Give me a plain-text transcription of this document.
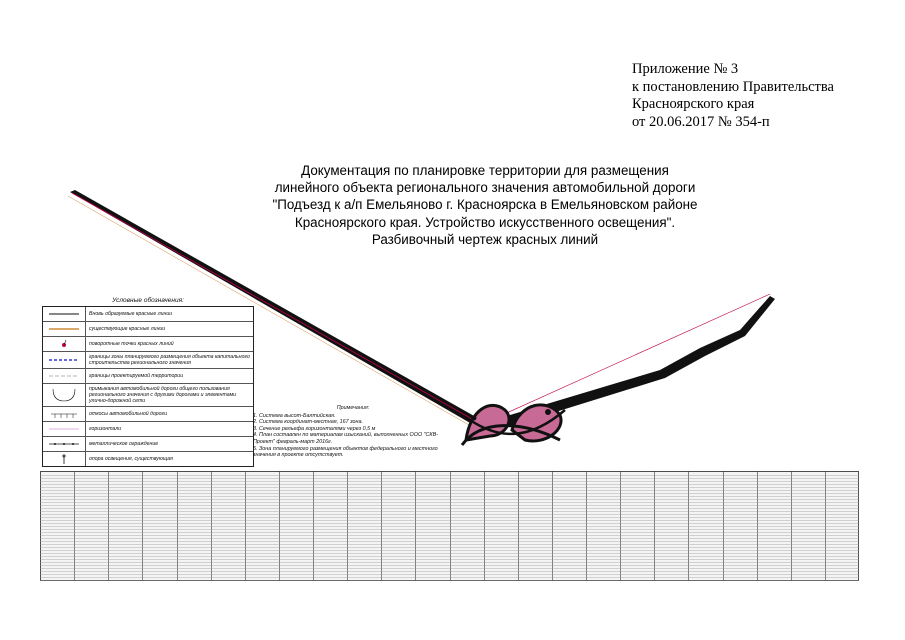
Приложение № 3
к постановлению Правительства
Красноярского края
от 20.06.2017 № 354-п
Документация по планировке территории для размещения
линейного объекта регионального значения автомобильной дороги
"Подъезд к а/п Емельяново г. Красноярска в Емельяновском районе
Красноярского края. Устройство искусственного освещения".
Разбивочный чертеж красных линий
Условные обозначения:
Вновь образуемые красные линии
существующие красные линии
поворотные точки красных линий
границы зоны планируемого размещения объекта капитального строительства регионального значения
границы проектируемой территории
примыкания автомобильной дороги общего пользования регионального значения с другими дорогами и элементами улично-дорожной сети
откосы автомобильной дороги
горизонтали
металлическое ограждение
опора освещения, существующая
Примечания:
1. Система высот-Балтийская.
2. Система координат-местная, 167 зона.
3. Сечение рельефа горизонталями через 0,5 м
4. План составлен по материалам изысканий, выполненных ООО "СКВ-Проект" февраль-март 2016г.
5. Зона планируемого размещения объектов федерального и местного значения в проекте отсутствует.
